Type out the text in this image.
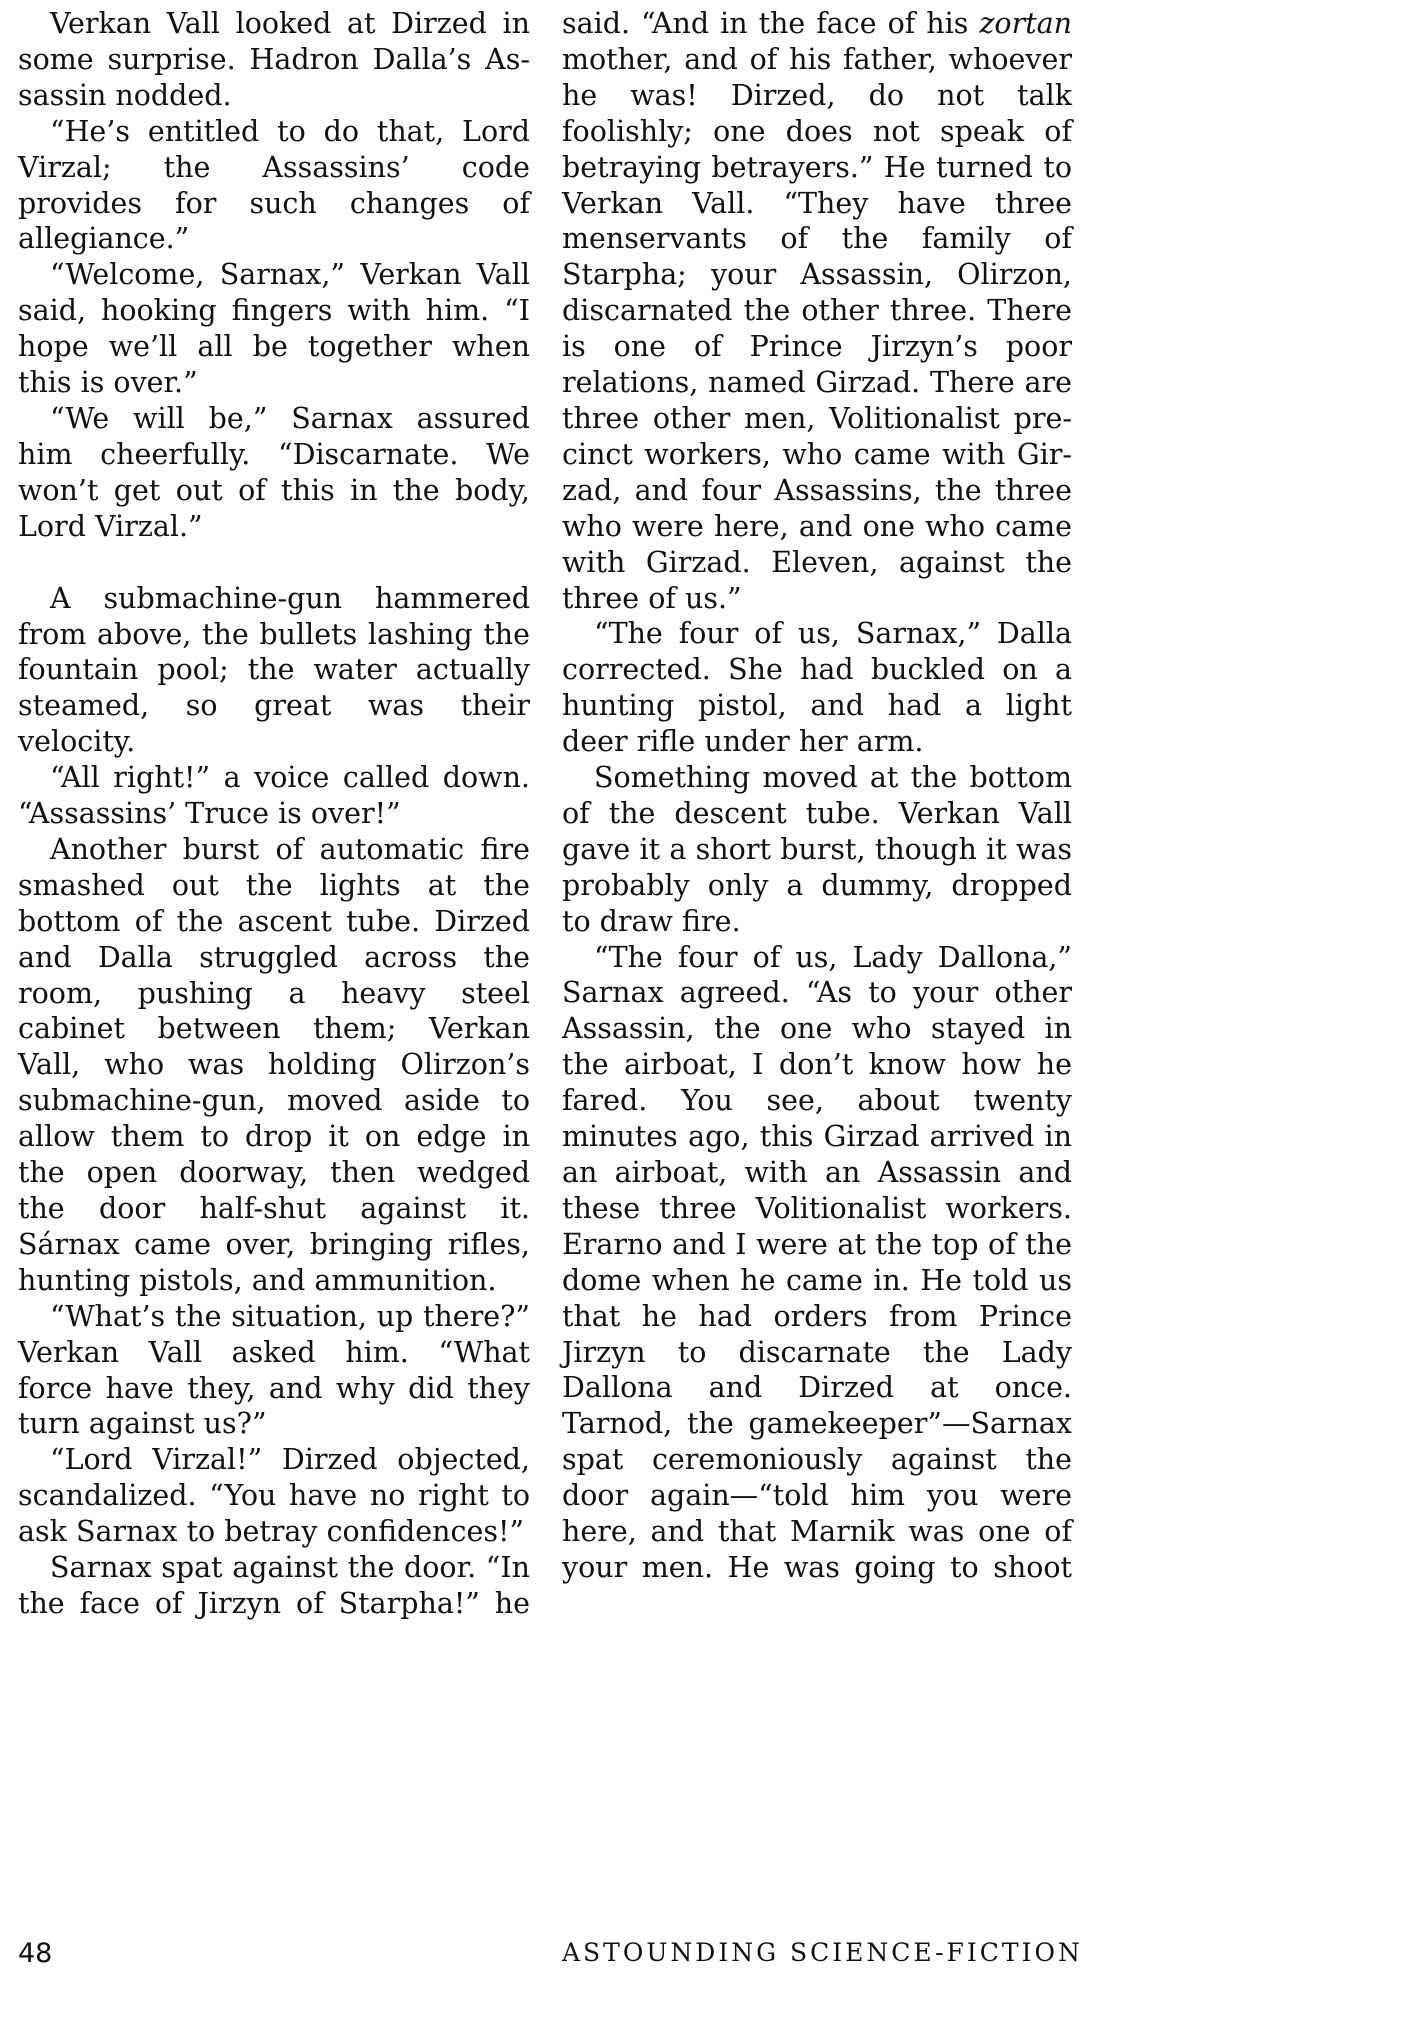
Verkan Vall looked at Dirzed in some surprise. Hadron Dalla’s Assassin nodded.

“He’s entitled to do that, Lord Virzal; the Assassins’ code provides for such changes of allegiance.”

“Welcome, Sarnax,” Verkan Vall said, hooking fingers with him. “I hope we’ll all be together when this is over.”

“We will be,” Sarnax assured him cheerfully. “Discarnate. We won’t get out of this in the body, Lord Virzal.”

A submachine-gun hammered from above, the bullets lashing the fountain pool; the water actually steamed, so great was their velocity.

“All right!” a voice called down. “Assassins’ Truce is over!”

Another burst of automatic fire smashed out the lights at the bottom of the ascent tube. Dirzed and Dalla struggled across the room, pushing a heavy steel cabinet between them; Verkan Vall, who was holding Olirzon’s submachine-gun, moved aside to allow them to drop it on edge in the open doorway, then wedged the door half-shut against it. Sárnax came over, bringing rifles, hunting pistols, and ammunition.

“What’s the situation, up there?” Verkan Vall asked him. “What force have they, and why did they turn against us?”

“Lord Virzal!” Dirzed objected, scandalized. “You have no right to ask Sarnax to betray confidences!”

Sarnax spat against the door. “In the face of Jirzyn of Starpha!” he

said. “And in the face of his zortan mother, and of his father, whoever he was! Dirzed, do not talk foolishly; one does not speak of betraying betrayers.” He turned to Verkan Vall. “They have three menservants of the family of Starpha; your Assassin, Olirzon, discarnated the other three. There is one of Prince Jirzyn’s poor relations, named Girzad. There are three other men, Volitionalist precinct workers, who came with Girzad, and four Assassins, the three who were here, and one who came with Girzad. Eleven, against the three of us.”

“The four of us, Sarnax,” Dalla corrected. She had buckled on a hunting pistol, and had a light deer rifle under her arm.

Something moved at the bottom of the descent tube. Verkan Vall gave it a short burst, though it was probably only a dummy, dropped to draw fire.

“The four of us, Lady Dallona,” Sarnax agreed. “As to your other Assassin, the one who stayed in the airboat, I don’t know how he fared. You see, about twenty minutes ago, this Girzad arrived in an airboat, with an Assassin and these three Volitionalist workers. Erarno and I were at the top of the dome when he came in. He told us that he had orders from Prince Jirzyn to discarnate the Lady Dallona and Dirzed at once. Tarnod, the gamekeeper”—Sarnax spat ceremoniously against the door again—“told him you were here, and that Marnik was one of your men. He was going to shoot

48	ASTOUNDING SCIENCE-FICTION
